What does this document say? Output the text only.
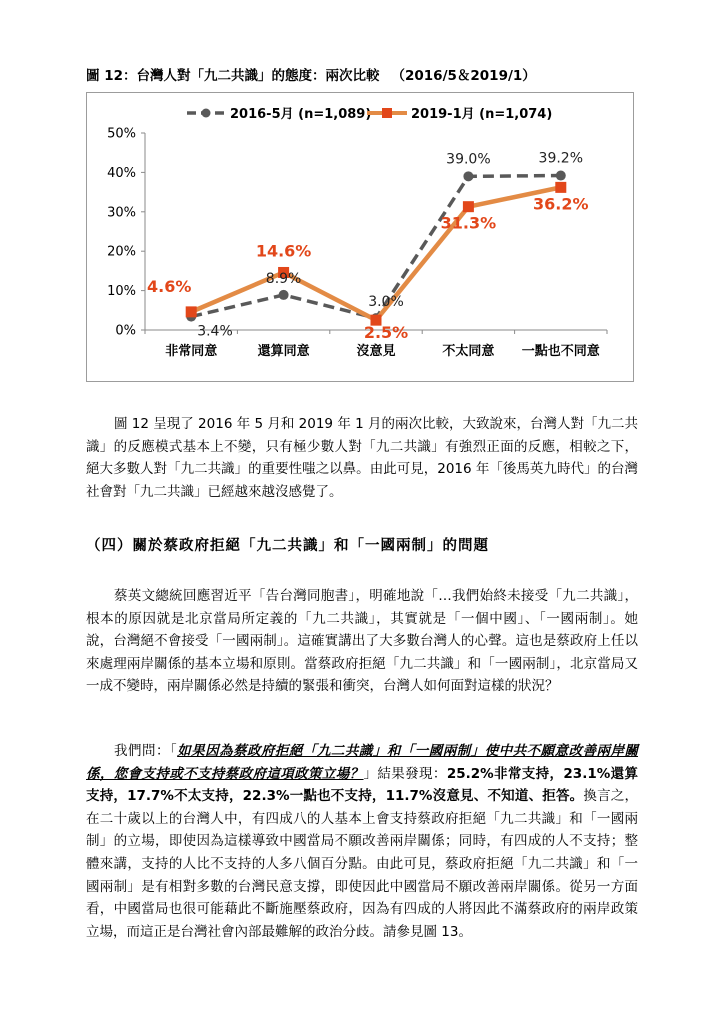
圖 12：台灣人對「九二共識」的態度：兩次比較 （2016/5＆2019/1）
0%
10%
20%
30%
40%
50%
非常同意	還算同意	沒意見	不太同意 一點也不同意
3.4%
8.9%
3.0%
39.0%	39.2%
4.6%
14.6%
2.5%
31.3%
36.2%
2016-5月 (n=1,089)	2019-1月 (n=1,074)

圖 12 呈現了 2016 年 5 月和 2019 年 1 月的兩次比較，大致說來，台灣人對「九二共識」的反應模式基本上不變，只有極少數人對「九二共識」有強烈正面的反應，相較之下，絕大多數人對「九二共識」的重要性嗤之以鼻。由此可見，2016 年「後馬英九時代」的台灣社會對「九二共識」已經越來越沒感覺了。

（四）關於蔡政府拒絕「九二共識」和「一國兩制」的問題

蔡英文總統回應習近平「告台灣同胞書」，明確地說「…我們始終未接受「九二共識」，根本的原因就是北京當局所定義的「九二共識」，其實就是「一個中國」、「一國兩制」。她說，台灣絕不會接受「一國兩制」。這確實講出了大多數台灣人的心聲。這也是蔡政府上任以來處理兩岸關係的基本立場和原則。當蔡政府拒絕「九二共識」和「一國兩制」，北京當局又一成不變時，兩岸關係必然是持續的緊張和衝突，台灣人如何面對這樣的狀況？

我們問：「如果因為蔡政府拒絕「九二共識」和「一國兩制」使中共不願意改善兩岸關係，您會支持或不支持蔡政府這項政策立場？」結果發現：25.2%非常支持，23.1%還算支持，17.7%不太支持，22.3%一點也不支持，11.7%沒意見、不知道、拒答。換言之，在二十歲以上的台灣人中，有四成八的人基本上會支持蔡政府拒絕「九二共識」和「一國兩制」的立場，即使因為這樣導致中國當局不願改善兩岸關係；同時，有四成的人不支持；整體來講，支持的人比不支持的人多八個百分點。由此可見，蔡政府拒絕「九二共識」和「一國兩制」是有相對多數的台灣民意支撐，即使因此中國當局不願改善兩岸關係。從另一方面看，中國當局也很可能藉此不斷施壓蔡政府，因為有四成的人將因此不滿蔡政府的兩岸政策立場，而這正是台灣社會內部最難解的政治分歧。請參見圖 13。
